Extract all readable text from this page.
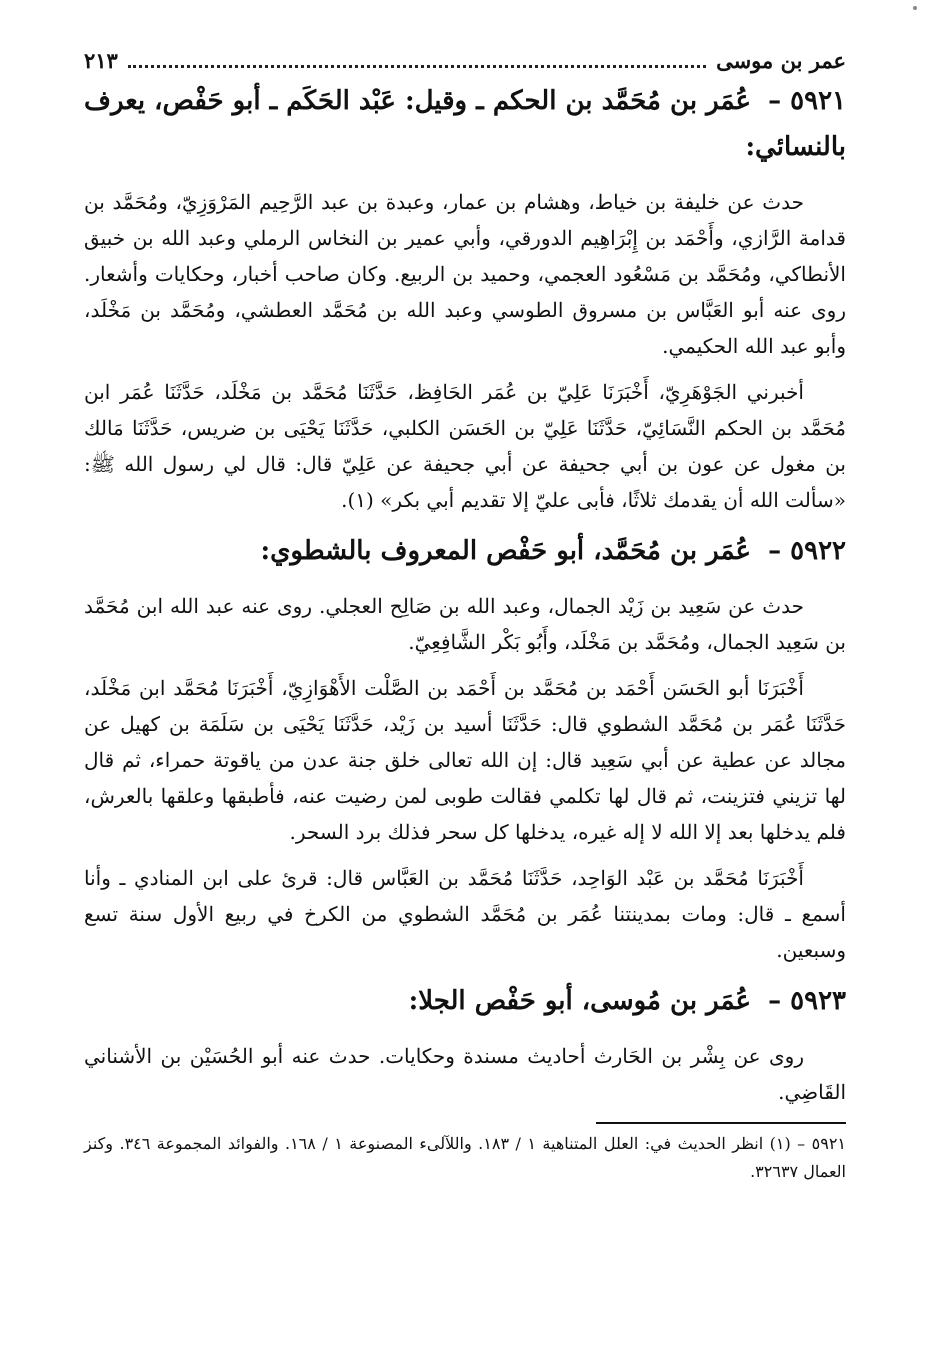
عمر بن موسى
٢١٣

٥٩٢١ – عُمَر بن مُحَمَّد بن الحكم ـ وقيل: عَبْد الحَكَم ـ أبو حَفْص، يعرف بالنسائي:

حدث عن خليفة بن خياط، وهشام بن عمار، وعبدة بن عبد الرَّحِيم المَرْوَزِيّ، ومُحَمَّد بن قدامة الرَّازي، وأَحْمَد بن إِبْرَاهِيم الدورقي، وأبي عمير بن النخاس الرملي وعبد الله بن خبيق الأنطاكي، ومُحَمَّد بن مَسْعُود العجمي، وحميد بن الربيع. وكان صاحب أخبار، وحكايات وأشعار. روى عنه أبو العَبَّاس بن مسروق الطوسي وعبد الله بن مُحَمَّد العطشي، ومُحَمَّد بن مَخْلَد، وأبو عبد الله الحكيمي.

أخبرني الجَوْهَرِيّ، أَخْبَرَنَا عَلِيّ بن عُمَر الحَافِظ، حَدَّثَنَا مُحَمَّد بن مَخْلَد، حَدَّثَنَا عُمَر ابن مُحَمَّد بن الحكم النَّسَائِيّ، حَدَّثَنَا عَلِيّ بن الحَسَن الكلبي، حَدَّثَنَا يَحْيَى بن ضريس، حَدَّثَنَا مَالك بن مغول عن عون بن أبي جحيفة عن أبي جحيفة عن عَلِيّ قال: قال لي رسول الله ﷺ: «سألت الله أن يقدمك ثلاثًا، فأبى عليّ إلا تقديم أبي بكر» (١).

٥٩٢٢ – عُمَر بن مُحَمَّد، أبو حَفْص المعروف بالشطوي:

حدث عن سَعِيد بن زَيْد الجمال، وعبد الله بن صَالِح العجلي. روى عنه عبد الله ابن مُحَمَّد بن سَعِيد الجمال، ومُحَمَّد بن مَخْلَد، وأَبُو بَكْر الشَّافِعِيّ.

أَخْبَرَنَا أبو الحَسَن أَحْمَد بن مُحَمَّد بن أَحْمَد بن الصَّلْت الأَهْوَازِيّ، أَخْبَرَنَا مُحَمَّد ابن مَخْلَد، حَدَّثَنَا عُمَر بن مُحَمَّد الشطوي قال: حَدَّثَنَا أسيد بن زَيْد، حَدَّثَنَا يَحْيَى بن سَلَمَة بن كهيل عن مجالد عن عطية عن أبي سَعِيد قال: إن الله تعالى خلق جنة عدن من ياقوتة حمراء، ثم قال لها تزيني فتزينت، ثم قال لها تكلمي فقالت طوبى لمن رضيت عنه، فأطبقها وعلقها بالعرش، فلم يدخلها بعد إلا الله لا إله غيره، يدخلها كل سحر فذلك برد السحر.

أَخْبَرَنَا مُحَمَّد بن عَبْد الوَاحِد، حَدَّثَنَا مُحَمَّد بن العَبَّاس قال: قرئ على ابن المنادي ـ وأنا أسمع ـ قال: ومات بمدينتنا عُمَر بن مُحَمَّد الشطوي من الكرخ في ربيع الأول سنة تسع وسبعين.

٥٩٢٣ – عُمَر بن مُوسى، أبو حَفْص الجلا:

روى عن بِشْر بن الحَارث أحاديث مسندة وحكايات. حدث عنه أبو الحُسَيْن بن الأشناني القَاضِي.

٥٩٢١ – (١) انظر الحديث في: العلل المتناهية ١ / ١٨٣. واللآلىء المصنوعة ١ / ١٦٨. والفوائد المجموعة ٣٤٦. وكنز العمال ٣٢٦٣٧.
